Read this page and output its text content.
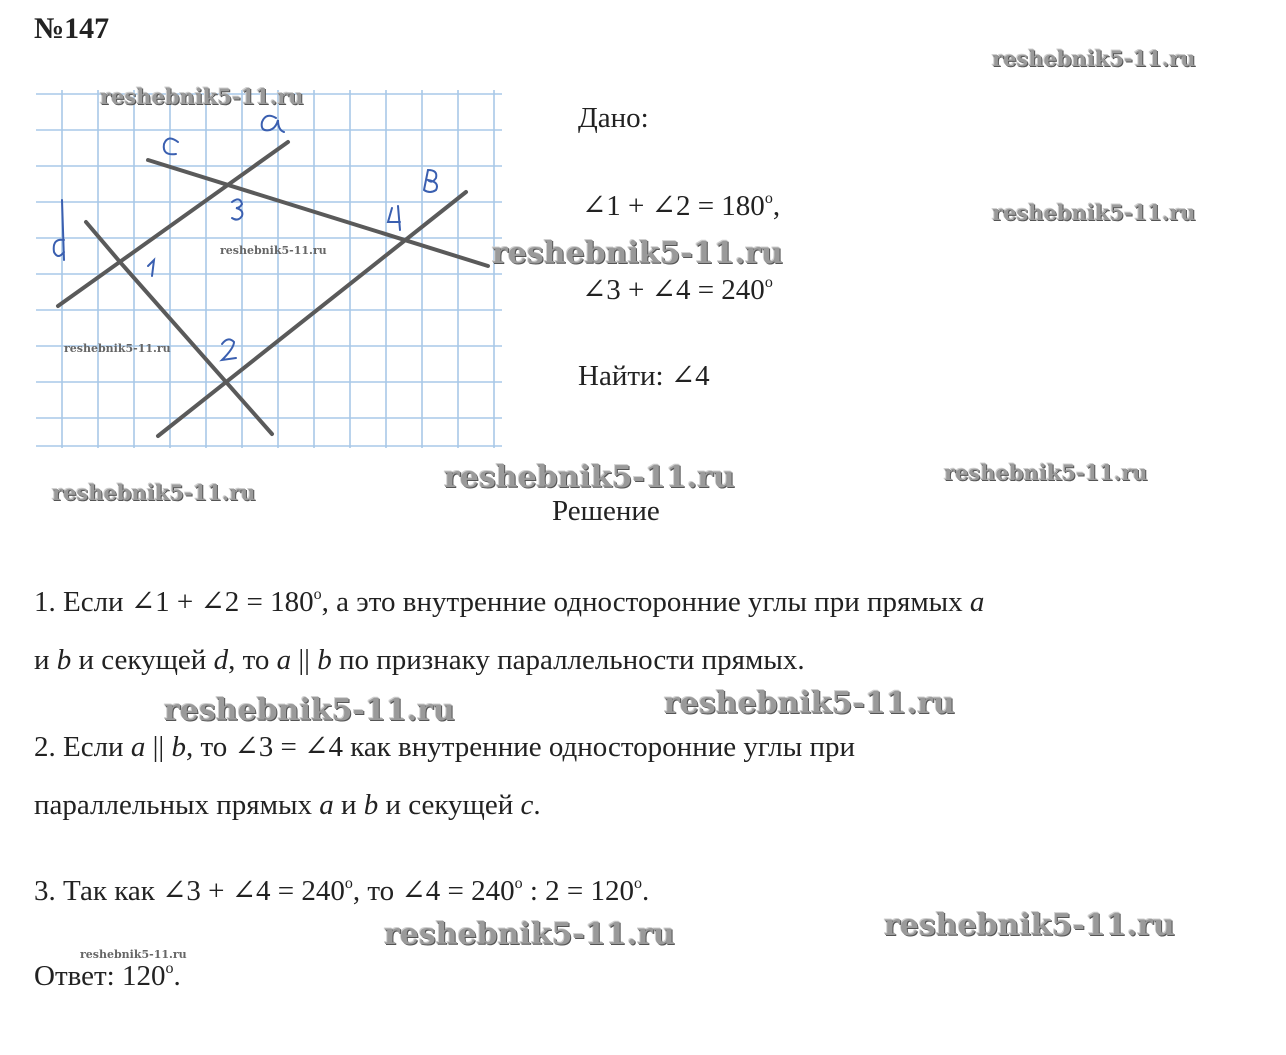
№147
Дано:
∠1 + ∠2 = $180^o$,
∠3 + ∠4 = $240^o$
Найти: ∠4
Решение
1. Если ∠1 + ∠2 = $180^o$, а это внутренние односторонние углы при прямых a
и b и секущей d, то a || b по признаку параллельности прямых.
2. Если a || b, то ∠3 = ∠4 как внутренние односторонние углы при
параллельных прямых a и b и секущей c.
3. Так как ∠3 + ∠4 = $240^o$, то ∠4 = $240^o$ : $2 = 120^o$.
Ответ: 120$^o$.
reshebnik5-11.ru
reshebnik5-11.ru
reshebnik5-11.ru
reshebnik5-11.ru
reshebnik5-11.ru
reshebnik5-11.ru
reshebnik5-11.ru	reshebnik5-11.ru
reshebnik5-11.ru
reshebnik5-11.ru	reshebnik5-11.ru
reshebnik5-11.ru
reshebnik5-11.ru
reshebnik5-11.ru
